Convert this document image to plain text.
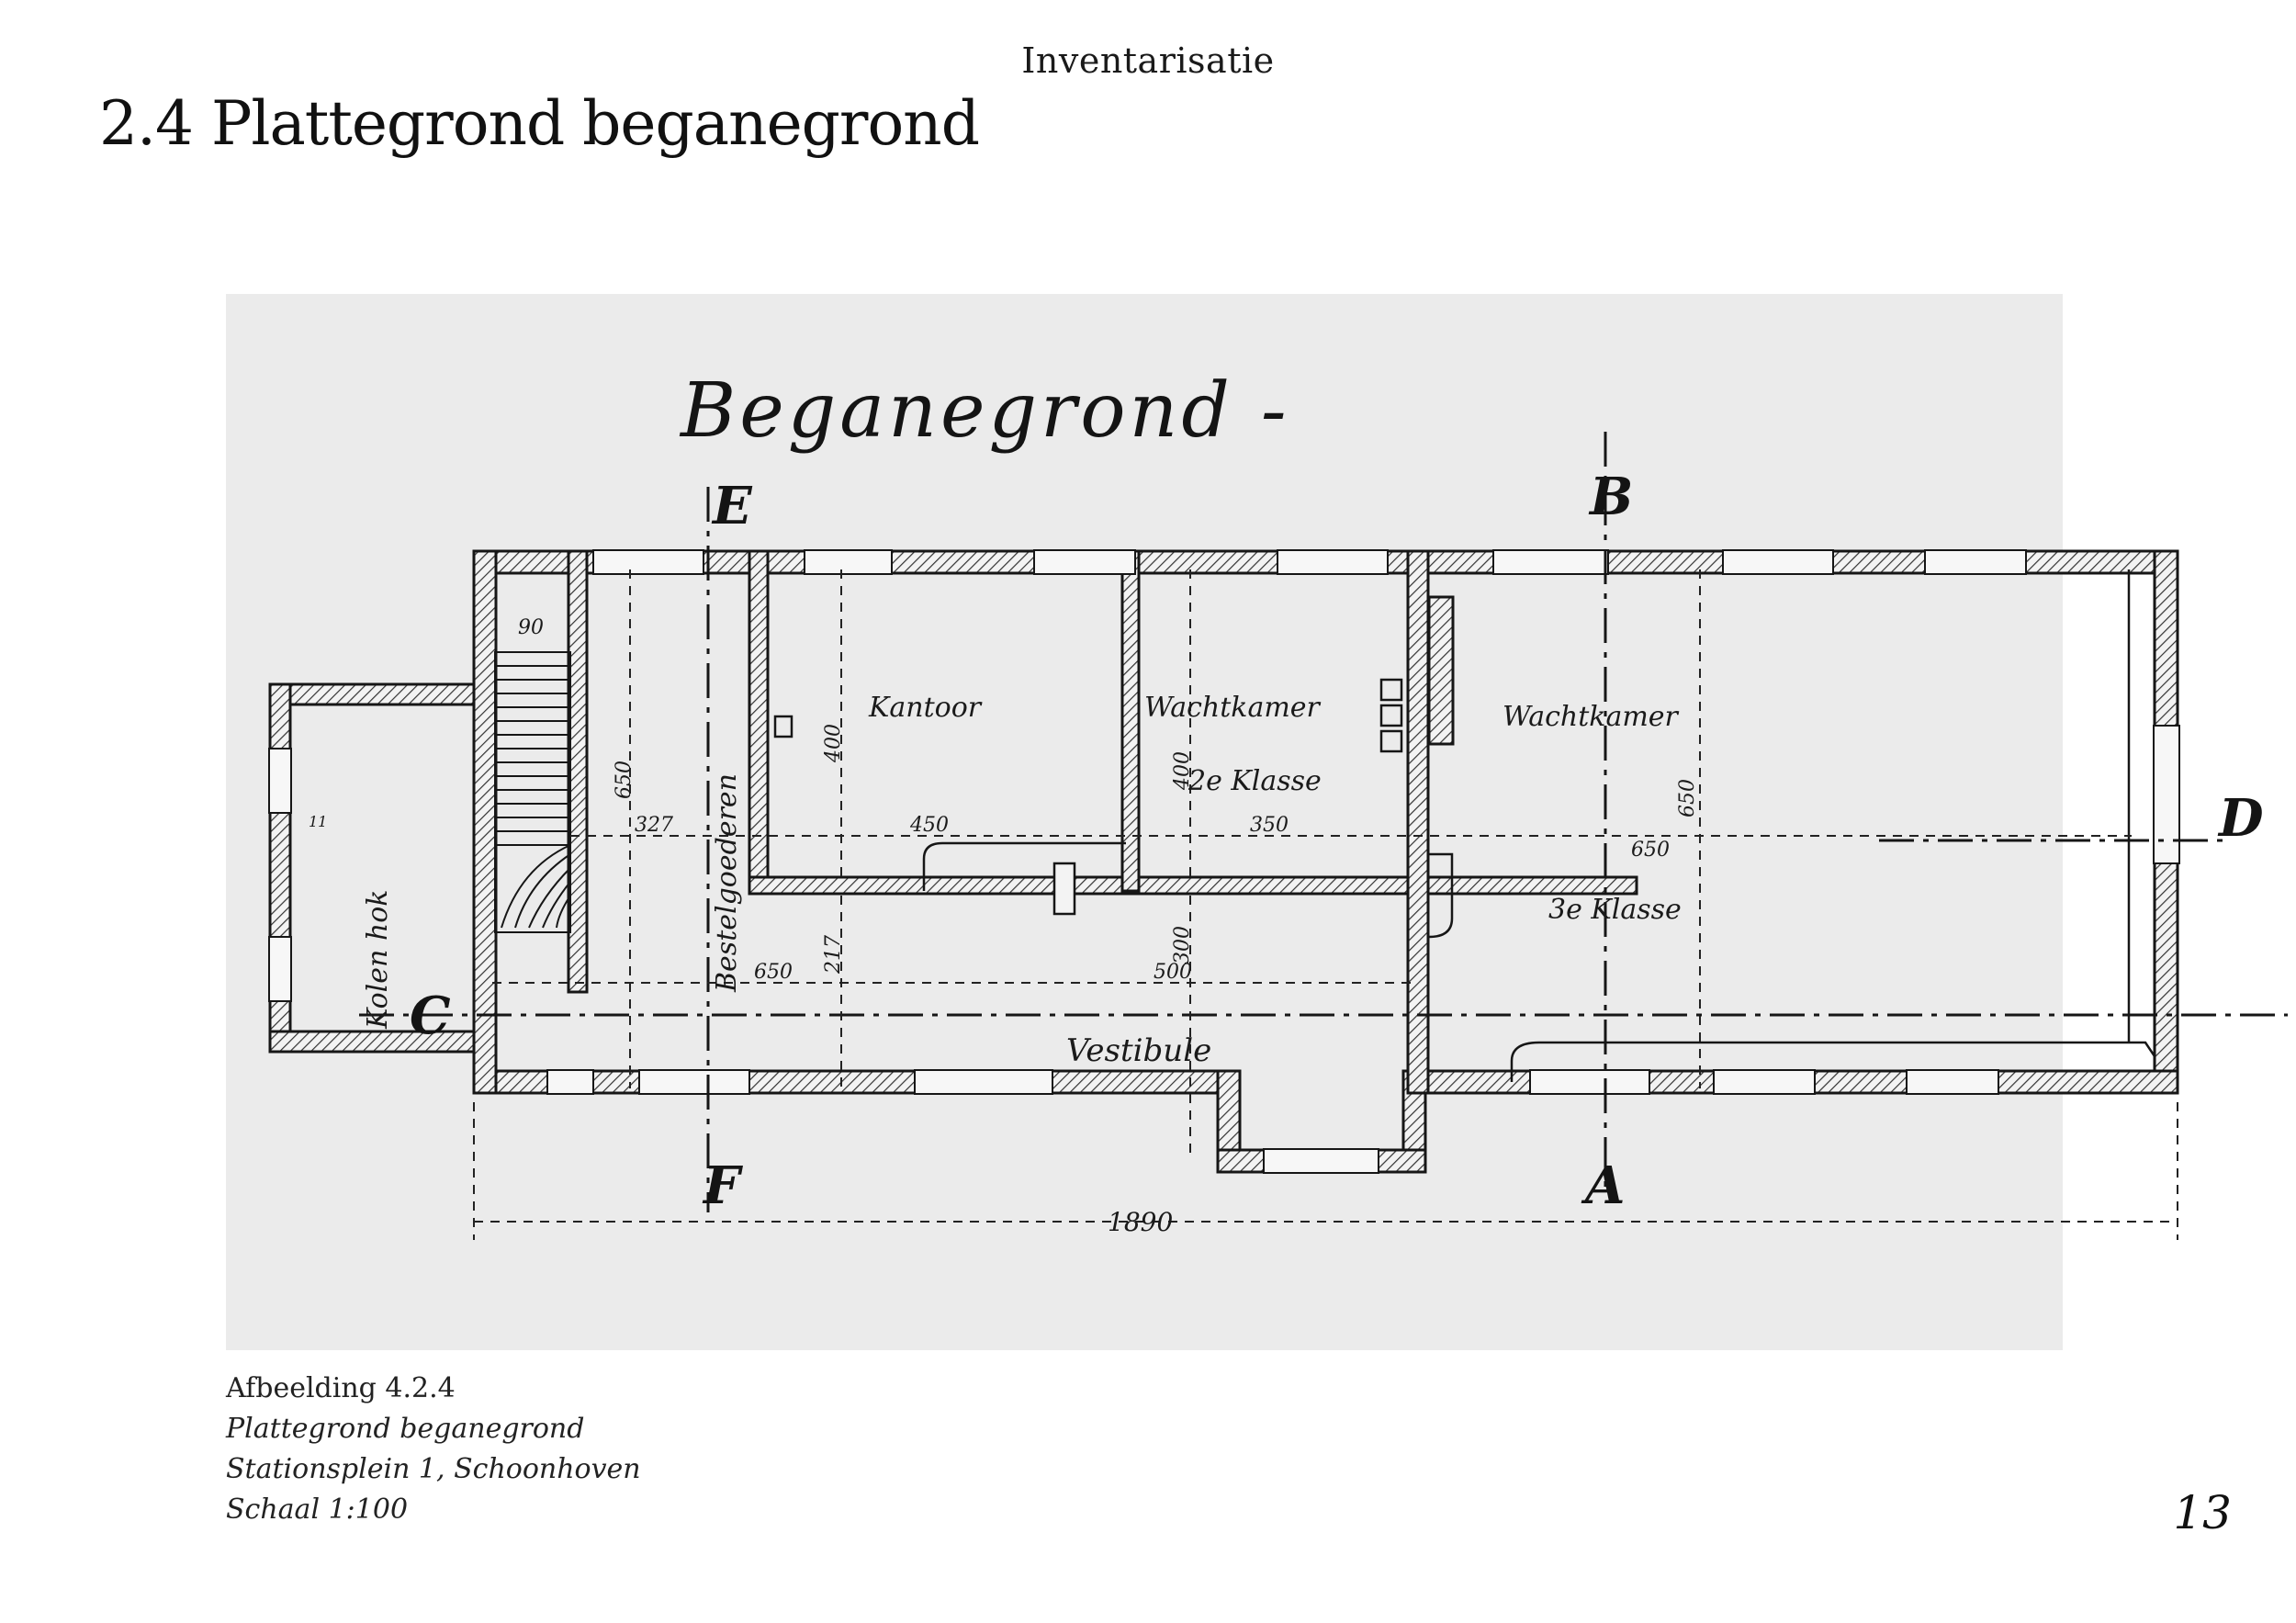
Inventarisatie
2.4 Plattegrond beganegrond
Beganegrond -
E	B
A
F
C
D
Kantoor	Wachtkamer
2e Klasse
Wachtkamer
3e Klasse
Vestibule
Bestelgoederen
Kolen hok
90
650
327
400
450
400
350
650
650
217
650	500
300
1890
11
Afbeelding 4.2.4
Plattegrond beganegrond
Stationsplein 1, Schoonhoven
Schaal 1:100	13
